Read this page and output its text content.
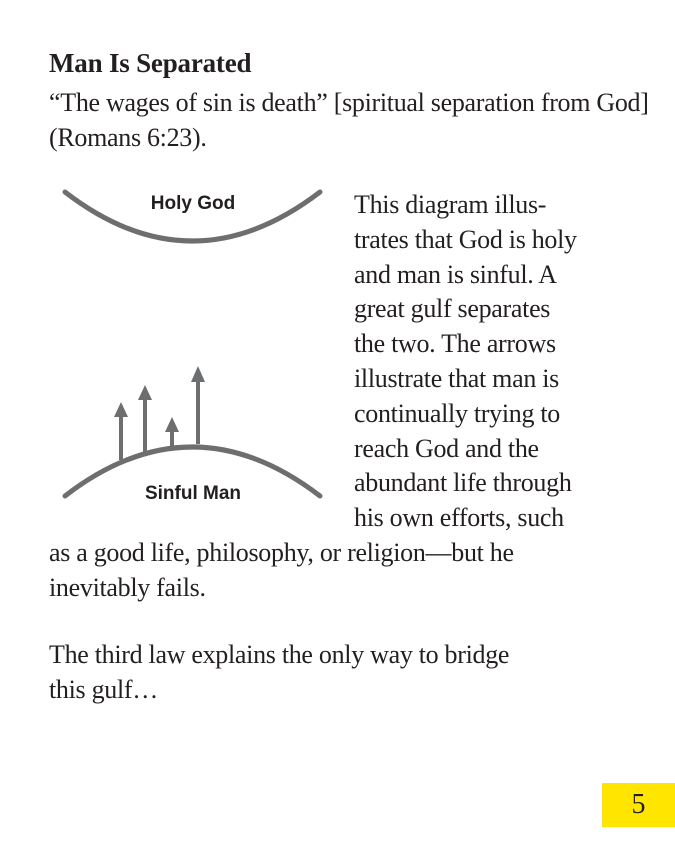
Man Is Separated
“The wages of sin is death” [spiritual separation from God] (Romans 6:23).
Holy God
Sinful Man
This diagram illus-
trates that God is holy
and man is sinful. A
great gulf separates
the two. The arrows
illustrate that man is
continually trying to
reach God and the
abundant life through
his own efforts, such
as a good life, philosophy, or religion—but he
inevitably fails.
The third law explains the only way to bridge
this gulf…
5
